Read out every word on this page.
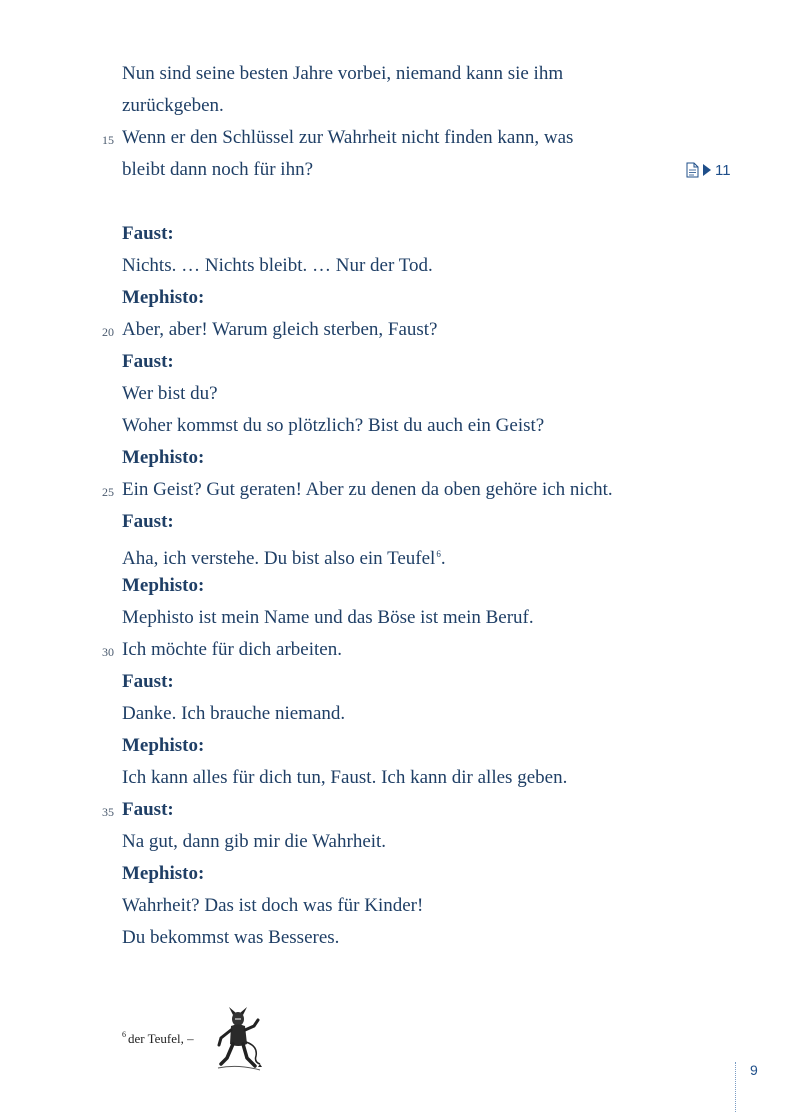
Nun sind seine besten Jahre vorbei, niemand kann sie ihm
zurückgeben.
Wenn er den Schlüssel zur Wahrheit nicht finden kann, was
15
bleibt dann noch für ihn?
Faust:
Nichts. … Nichts bleibt. … Nur der Tod.
Mephisto:
Aber, aber! Warum gleich sterben, Faust?
20
Faust:
Wer bist du?
Woher kommst du so plötzlich? Bist du auch ein Geist?
Mephisto:
Ein Geist? Gut geraten! Aber zu denen da oben gehöre ich nicht.
25
Faust:
Aha, ich verstehe. Du bist also ein Teufel$^6$.
Mephisto:
Mephisto ist mein Name und das Böse ist mein Beruf.
Ich möchte für dich arbeiten.
30
Faust:
Danke. Ich brauche niemand.
Mephisto:
Ich kann alles für dich tun, Faust. Ich kann dir alles geben.
Faust:
35
Na gut, dann gib mir die Wahrheit.
Mephisto:
Wahrheit? Das ist doch was für Kinder!
Du bekommst was Besseres.
11
$^6$ der Teufel, –
9
